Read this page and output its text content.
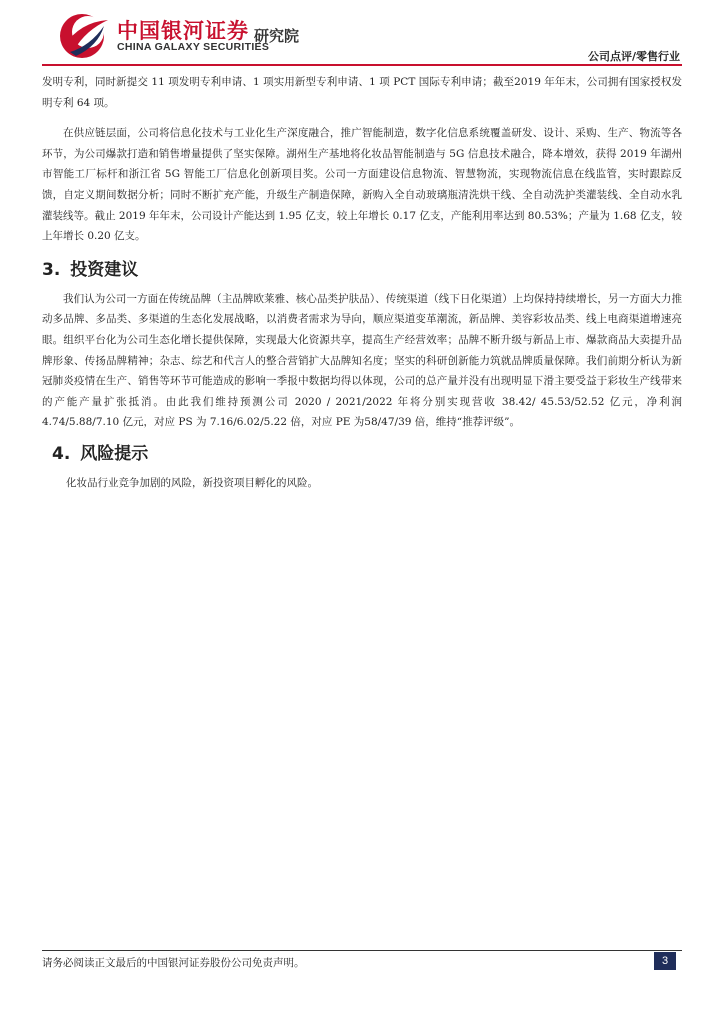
中国银河证券
CHINA GALAXY SECURITIES
研究院
公司点评/零售行业

发明专利，同时新提交 11 项发明专利申请、1 项实用新型专利申请、1 项 PCT 国际专利申请；截至2019 年年末，公司拥有国家授权发明专利 64 项。

在供应链层面，公司将信息化技术与工业化生产深度融合，推广智能制造，数字化信息系统覆盖研发、设计、采购、生产、物流等各环节，为公司爆款打造和销售增量提供了坚实保障。湖州生产基地将化妆品智能制造与 5G 信息技术融合，降本增效，获得 2019 年湖州市智能工厂标杆和浙江省 5G 智能工厂信息化创新项目奖。公司一方面建设信息物流、智慧物流，实现物流信息在线监管，实时跟踪反馈，自定义期间数据分析；同时不断扩充产能，升级生产制造保障，新购入全自动玻璃瓶清洗烘干线、全自动洗护类灌装线、全自动水乳灌装线等。截止 2019 年年末，公司设计产能达到 1.95 亿支，较上年增长 0.17 亿支，产能利用率达到 80.53%；产量为 1.68 亿支，较上年增长 0.20 亿支。

3. 投资建议

我们认为公司一方面在传统品牌（主品牌欧莱雅、核心品类护肤品）、传统渠道（线下日化渠道）上均保持持续增长，另一方面大力推动多品牌、多品类、多渠道的生态化发展战略，以消费者需求为导向，顺应渠道变革潮流，新品牌、美容彩妆品类、线上电商渠道增速亮眼。组织平台化为公司生态化增长提供保障，实现最大化资源共享，提高生产经营效率；品牌不断升级与新品上市、爆款商品大卖提升品牌形象、传扬品牌精神；杂志、综艺和代言人的整合营销扩大品牌知名度；坚实的科研创新能力筑就品牌质量保障。我们前期分析认为新冠肺炎疫情在生产、销售等环节可能造成的影响一季报中数据均得以体现，公司的总产量并没有出现明显下滑主要受益于彩妆生产线带来的产能产量扩张抵消。由此我们维持预测公司 2020 / 2021/2022 年将分别实现营收 38.42/ 45.53/52.52 亿元，净利润 4.74/5.88/7.10 亿元，对应 PS 为 7.16/6.02/5.22 倍，对应 PE 为58/47/39 倍，维持“推荐评级”。

4. 风险提示

化妆品行业竞争加剧的风险，新投资项目孵化的风险。

请务必阅读正文最后的中国银河证券股份公司免责声明。	3
